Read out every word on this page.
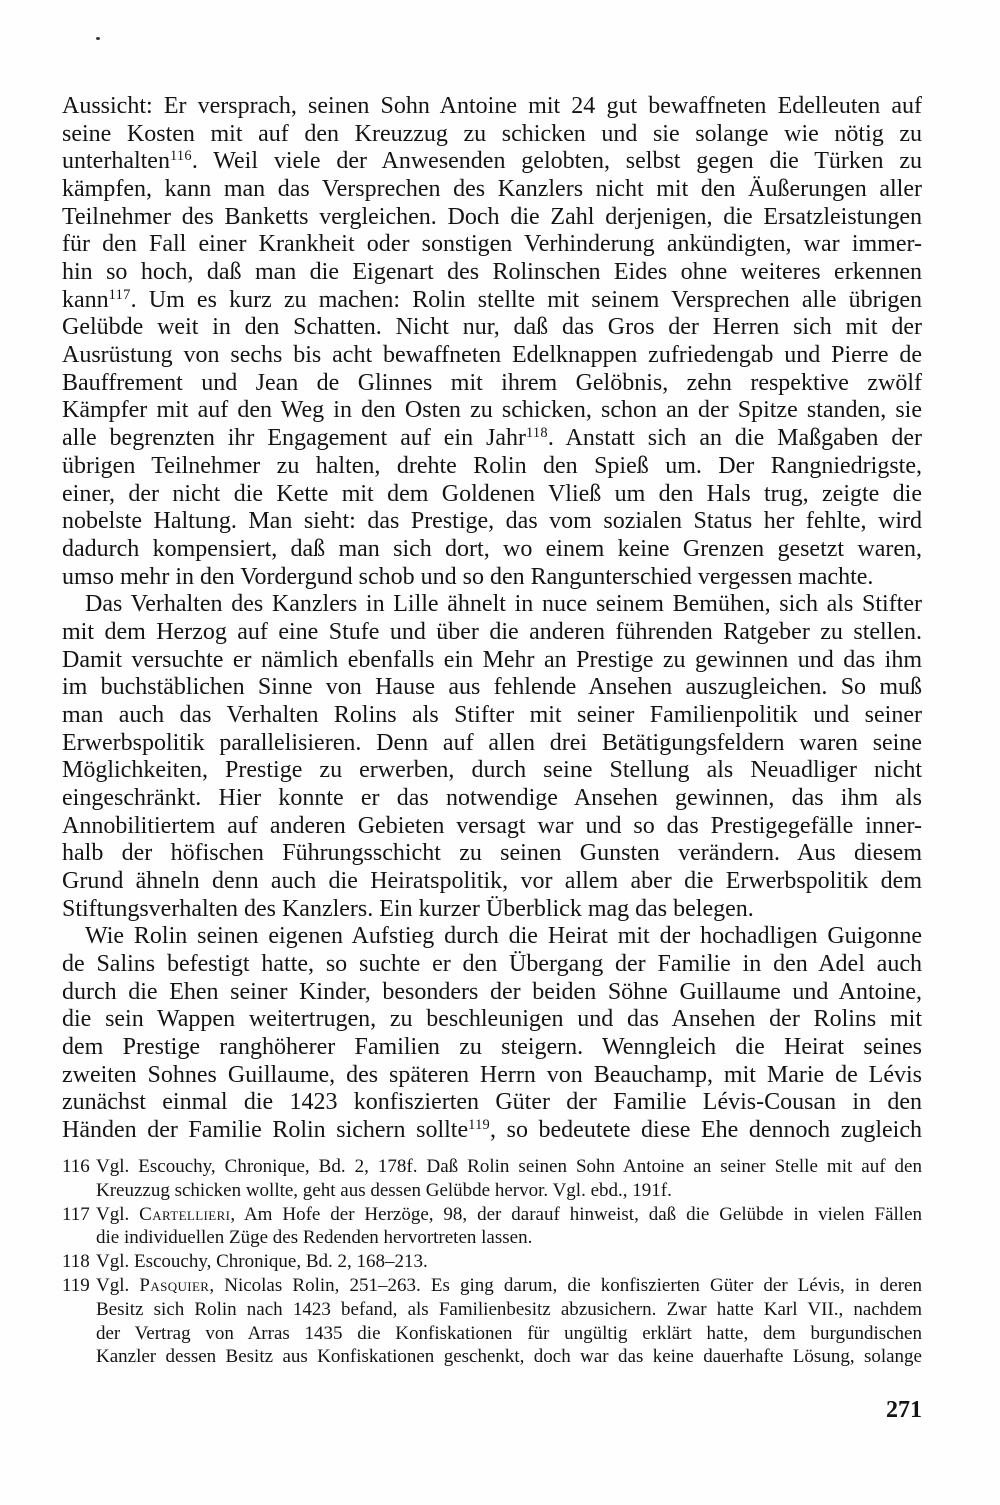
Aussicht: Er versprach, seinen Sohn Antoine mit 24 gut bewaffneten Edelleuten auf
seine Kosten mit auf den Kreuzzug zu schicken und sie solange wie nötig zu
unterhalten$^{116}$. Weil viele der Anwesenden gelobten, selbst gegen die Türken zu
kämpfen, kann man das Versprechen des Kanzlers nicht mit den Äußerungen aller
Teilnehmer des Banketts vergleichen. Doch die Zahl derjenigen, die Ersatzleistungen
für den Fall einer Krankheit oder sonstigen Verhinderung ankündigten, war immer-
hin so hoch, daß man die Eigenart des Rolinschen Eides ohne weiteres erkennen
kann$^{117}$. Um es kurz zu machen: Rolin stellte mit seinem Versprechen alle übrigen
Gelübde weit in den Schatten. Nicht nur, daß das Gros der Herren sich mit der
Ausrüstung von sechs bis acht bewaffneten Edelknappen zufriedengab und Pierre de
Bauffrement und Jean de Glinnes mit ihrem Gelöbnis, zehn respektive zwölf
Kämpfer mit auf den Weg in den Osten zu schicken, schon an der Spitze standen, sie
alle begrenzten ihr Engagement auf ein Jahr$^{118}$. Anstatt sich an die Maßgaben der
übrigen Teilnehmer zu halten, drehte Rolin den Spieß um. Der Rangniedrigste,
einer, der nicht die Kette mit dem Goldenen Vließ um den Hals trug, zeigte die
nobelste Haltung. Man sieht: das Prestige, das vom sozialen Status her fehlte, wird
dadurch kompensiert, daß man sich dort, wo einem keine Grenzen gesetzt waren,
umso mehr in den Vordergund schob und so den Rangunterschied vergessen machte.
Das Verhalten des Kanzlers in Lille ähnelt in nuce seinem Bemühen, sich als Stifter
mit dem Herzog auf eine Stufe und über die anderen führenden Ratgeber zu stellen.
Damit versuchte er nämlich ebenfalls ein Mehr an Prestige zu gewinnen und das ihm
im buchstäblichen Sinne von Hause aus fehlende Ansehen auszugleichen. So muß
man auch das Verhalten Rolins als Stifter mit seiner Familienpolitik und seiner
Erwerbspolitik parallelisieren. Denn auf allen drei Betätigungsfeldern waren seine
Möglichkeiten, Prestige zu erwerben, durch seine Stellung als Neuadliger nicht
eingeschränkt. Hier konnte er das notwendige Ansehen gewinnen, das ihm als
Annobilitiertem auf anderen Gebieten versagt war und so das Prestigegefälle inner-
halb der höfischen Führungsschicht zu seinen Gunsten verändern. Aus diesem
Grund ähneln denn auch die Heiratspolitik, vor allem aber die Erwerbspolitik dem
Stiftungsverhalten des Kanzlers. Ein kurzer Überblick mag das belegen.
Wie Rolin seinen eigenen Aufstieg durch die Heirat mit der hochadligen Guigonne
de Salins befestigt hatte, so suchte er den Übergang der Familie in den Adel auch
durch die Ehen seiner Kinder, besonders der beiden Söhne Guillaume und Antoine,
die sein Wappen weitertrugen, zu beschleunigen und das Ansehen der Rolins mit
dem Prestige ranghöherer Familien zu steigern. Wenngleich die Heirat seines
zweiten Sohnes Guillaume, des späteren Herrn von Beauchamp, mit Marie de Lévis
zunächst einmal die 1423 konfiszierten Güter der Familie Lévis-Cousan in den
Händen der Familie Rolin sichern sollte$^{119}$, so bedeutete diese Ehe dennoch zugleich
116 Vgl. Escouchy, Chronique, Bd. 2, 178f. Daß Rolin seinen Sohn Antoine an seiner Stelle mit auf den
Kreuzzug schicken wollte, geht aus dessen Gelübde hervor. Vgl. ebd., 191f.
117 Vgl. Cartellieri, Am Hofe der Herzöge, 98, der darauf hinweist, daß die Gelübde in vielen Fällen
die individuellen Züge des Redenden hervortreten lassen.
118 Vgl. Escouchy, Chronique, Bd. 2, 168–213.
119 Vgl. Pasquier, Nicolas Rolin, 251–263. Es ging darum, die konfiszierten Güter der Lévis, in deren
Besitz sich Rolin nach 1423 befand, als Familienbesitz abzusichern. Zwar hatte Karl VII., nachdem
der Vertrag von Arras 1435 die Konfiskationen für ungültig erklärt hatte, dem burgundischen
Kanzler dessen Besitz aus Konfiskationen geschenkt, doch war das keine dauerhafte Lösung, solange
271
